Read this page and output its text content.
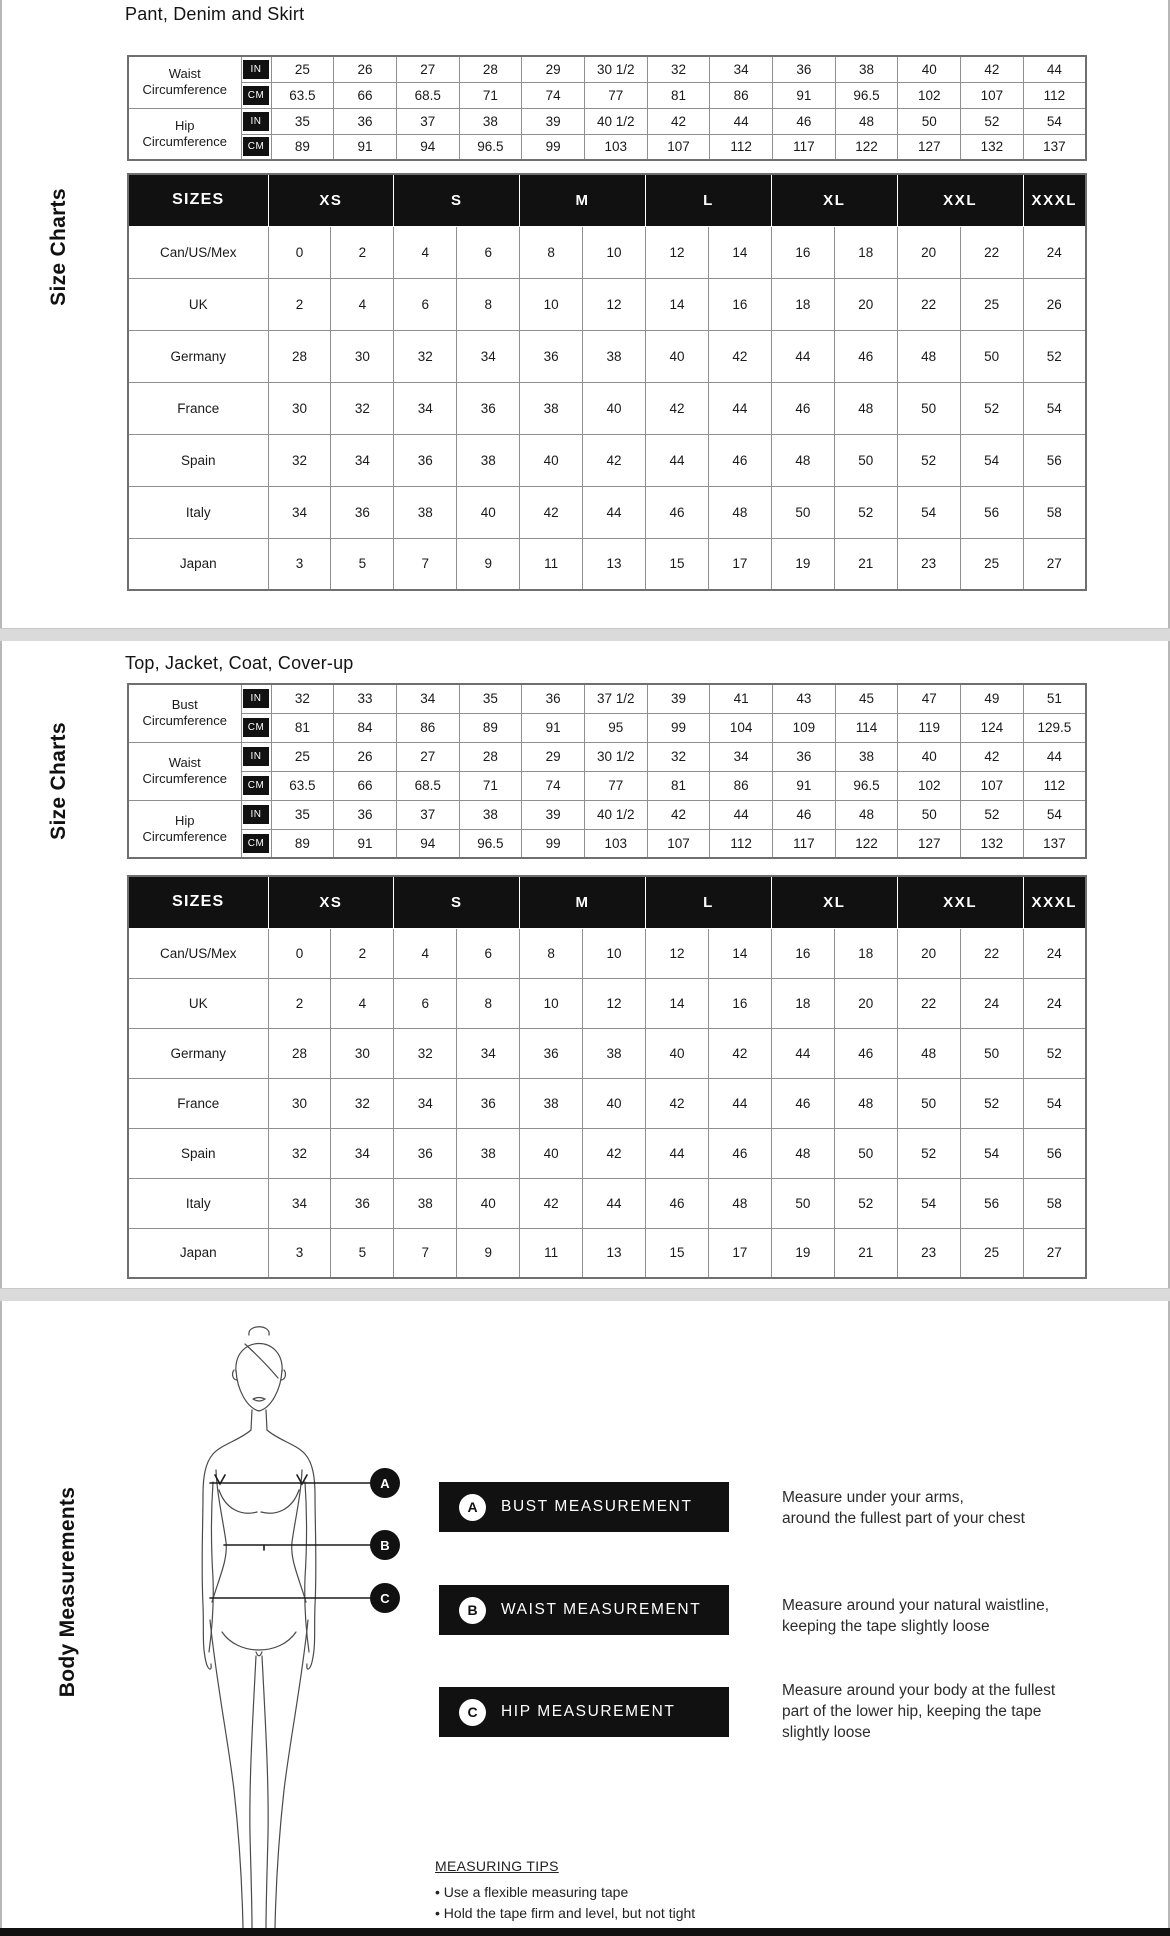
Size Charts
Pant, Denim and Skirt
Waist
Circumference	IN	25	26	27	28	29	30 1/2	32	34	36	38	40	42	44
	CM	63.5	66	68.5	71	74	77	81	86	91	96.5	102	107	112

Hip
Circumference	IN	35	36	37	38	39	40 1/2	42	44	46	48	50	52	54
	CM	89	91	94	96.5	99	103	107	112	117	122	127	132	137
SIZES	XS		S		M		L		XL		XXL		XXXL
Can/US/Mex	0	2	4	6	8	10	12	14	16	18	20	22	24
UK	2	4	6	8	10	12	14	16	18	20	22	25	26
Germany	28	30	32	34	36	38	40	42	44	46	48	50	52
France	30	32	34	36	38	40	42	44	46	48	50	52	54
Spain	32	34	36	38	40	42	44	46	48	50	52	54	56
Italy	34	36	38	40	42	44	46	48	50	52	54	56	58
Japan	3	5	7	9	11	13	15	17	19	21	23	25	27
Size Charts
Top, Jacket, Coat, Cover-up
Bust
Circumference	IN	32	33	34	35	36	37 1/2	39	41	43	45	47	49	51
	CM	81	84	86	89	91	95	99	104	109	114	119	124	129.5

Waist
Circumference	IN	25	26	27	28	29	30 1/2	32	34	36	38	40	42	44
	CM	63.5	66	68.5	71	74	77	81	86	91	96.5	102	107	112

Hip
Circumference	IN	35	36	37	38	39	40 1/2	42	44	46	48	50	52	54
	CM	89	91	94	96.5	99	103	107	112	117	122	127	132	137
SIZES	XS		S		M		L		XL		XXL		XXXL
Can/US/Mex	0	2	4	6	8	10	12	14	16	18	20	22	24
UK	2	4	6	8	10	12	14	16	18	20	22	24	24
Germany	28	30	32	34	36	38	40	42	44	46	48	50	52
France	30	32	34	36	38	40	42	44	46	48	50	52	54
Spain	32	34	36	38	40	42	44	46	48	50	52	54	56
Italy	34	36	38	40	42	44	46	48	50	52	54	56	58
Japan	3	5	7	9	11	13	15	17	19	21	23	25	27
Body Measurements
A
B
C
A	BUST MEASUREMENT
Measure under your arms,
around the fullest part of your chest
B	WAIST MEASUREMENT	Measure around your natural waistline,
keeping the tape slightly loose
C	HIP MEASUREMENT
Measure around your body at the fullest
part of the lower hip, keeping the tape
slightly loose
MEASURING TIPS
• Use a flexible measuring tape
• Hold the tape firm and level, but not tight
